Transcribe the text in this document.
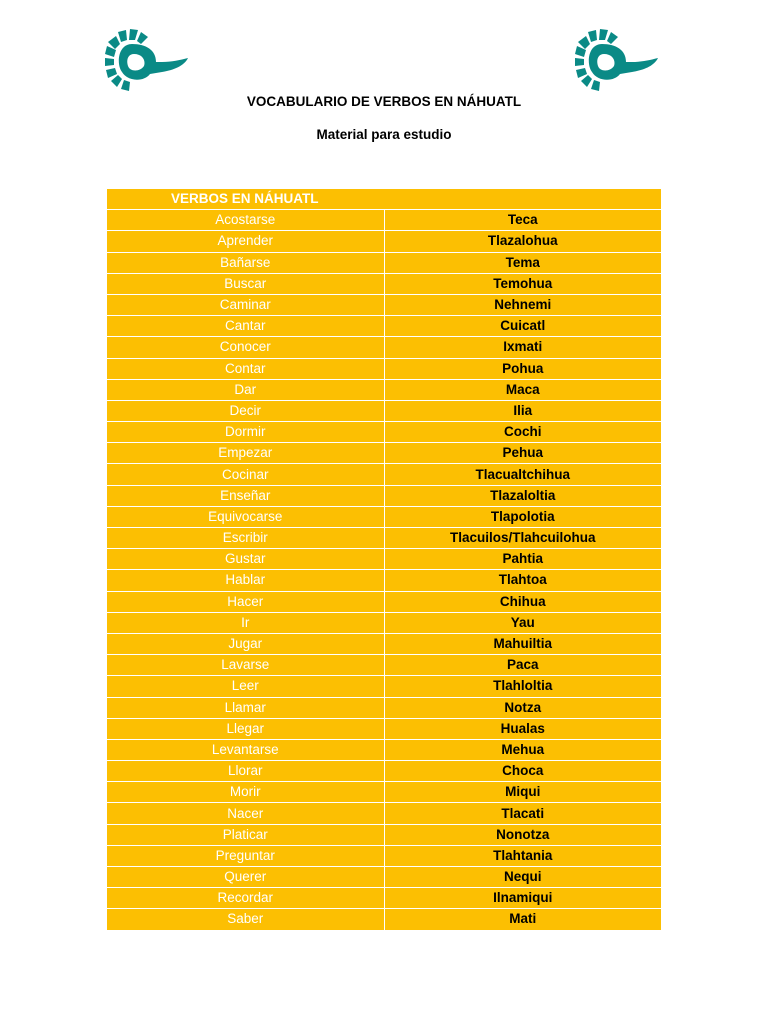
VOCABULARIO DE VERBOS EN NÁHUATL
Material para estudio
VERBOS EN NÁHUATL	
Acostarse	Teca
Aprender	Tlazalohua
Bañarse	Tema
Buscar	Temohua
Caminar	Nehnemi
Cantar	Cuicatl
Conocer	Ixmati
Contar	Pohua
Dar	Maca
Decir	Ilia
Dormir	Cochi
Empezar	Pehua
Cocinar	Tlacualtchihua
Enseñar	Tlazaloltia
Equivocarse	Tlapolotia
Escribir	Tlacuilos/Tlahcuilohua
Gustar	Pahtia
Hablar	Tlahtoa
Hacer	Chihua
Ir	Yau
Jugar	Mahuiltia
Lavarse	Paca
Leer	Tlahloltia
Llamar	Notza
Llegar	Hualas
Levantarse	Mehua
Llorar	Choca
Morir	Miqui
Nacer	Tlacati
Platicar	Nonotza
Preguntar	Tlahtania
Querer	Nequi
Recordar	Ilnamiqui
Saber	Mati
